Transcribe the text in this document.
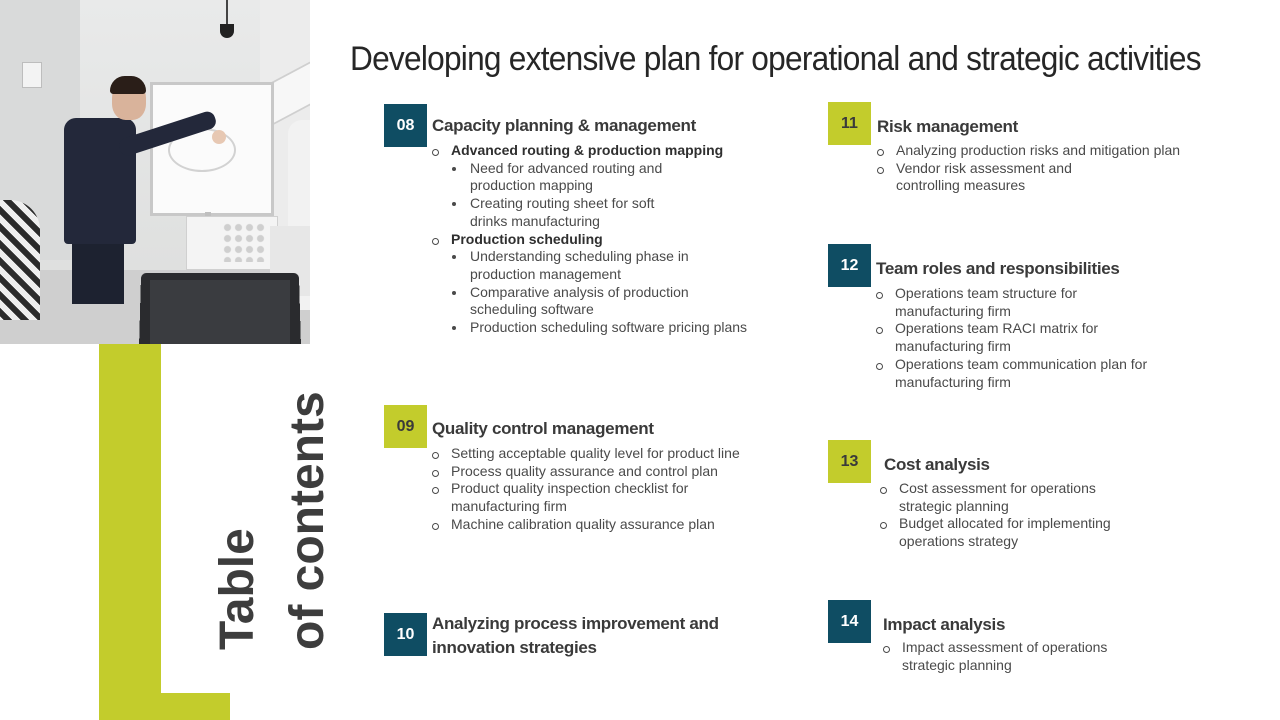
Table of contents
Developing extensive plan for operational and strategic activities
08	Capacity planning & management
Advanced routing & production mapping
Need for advanced routing and production mapping
Creating routing sheet for soft drinks manufacturing
Production scheduling
Understanding scheduling phase in production management
Comparative analysis of production scheduling software
Production scheduling software pricing plans
09	Quality control management
Setting acceptable quality level for product line
Process quality assurance and control plan
Product quality inspection checklist for manufacturing firm
Machine calibration quality assurance plan
10
Analyzing process improvement and
innovation strategies
11	Risk management
Analyzing production risks and mitigation plan
Vendor risk assessment and controlling measures
12	Team roles and responsibilities
Operations team structure for manufacturing firm
Operations team RACI matrix for manufacturing firm
Operations team communication plan for manufacturing firm
13	Cost analysis
Cost assessment for operations strategic planning
Budget allocated for implementing operations strategy
14	Impact analysis
Impact assessment of operations strategic planning
